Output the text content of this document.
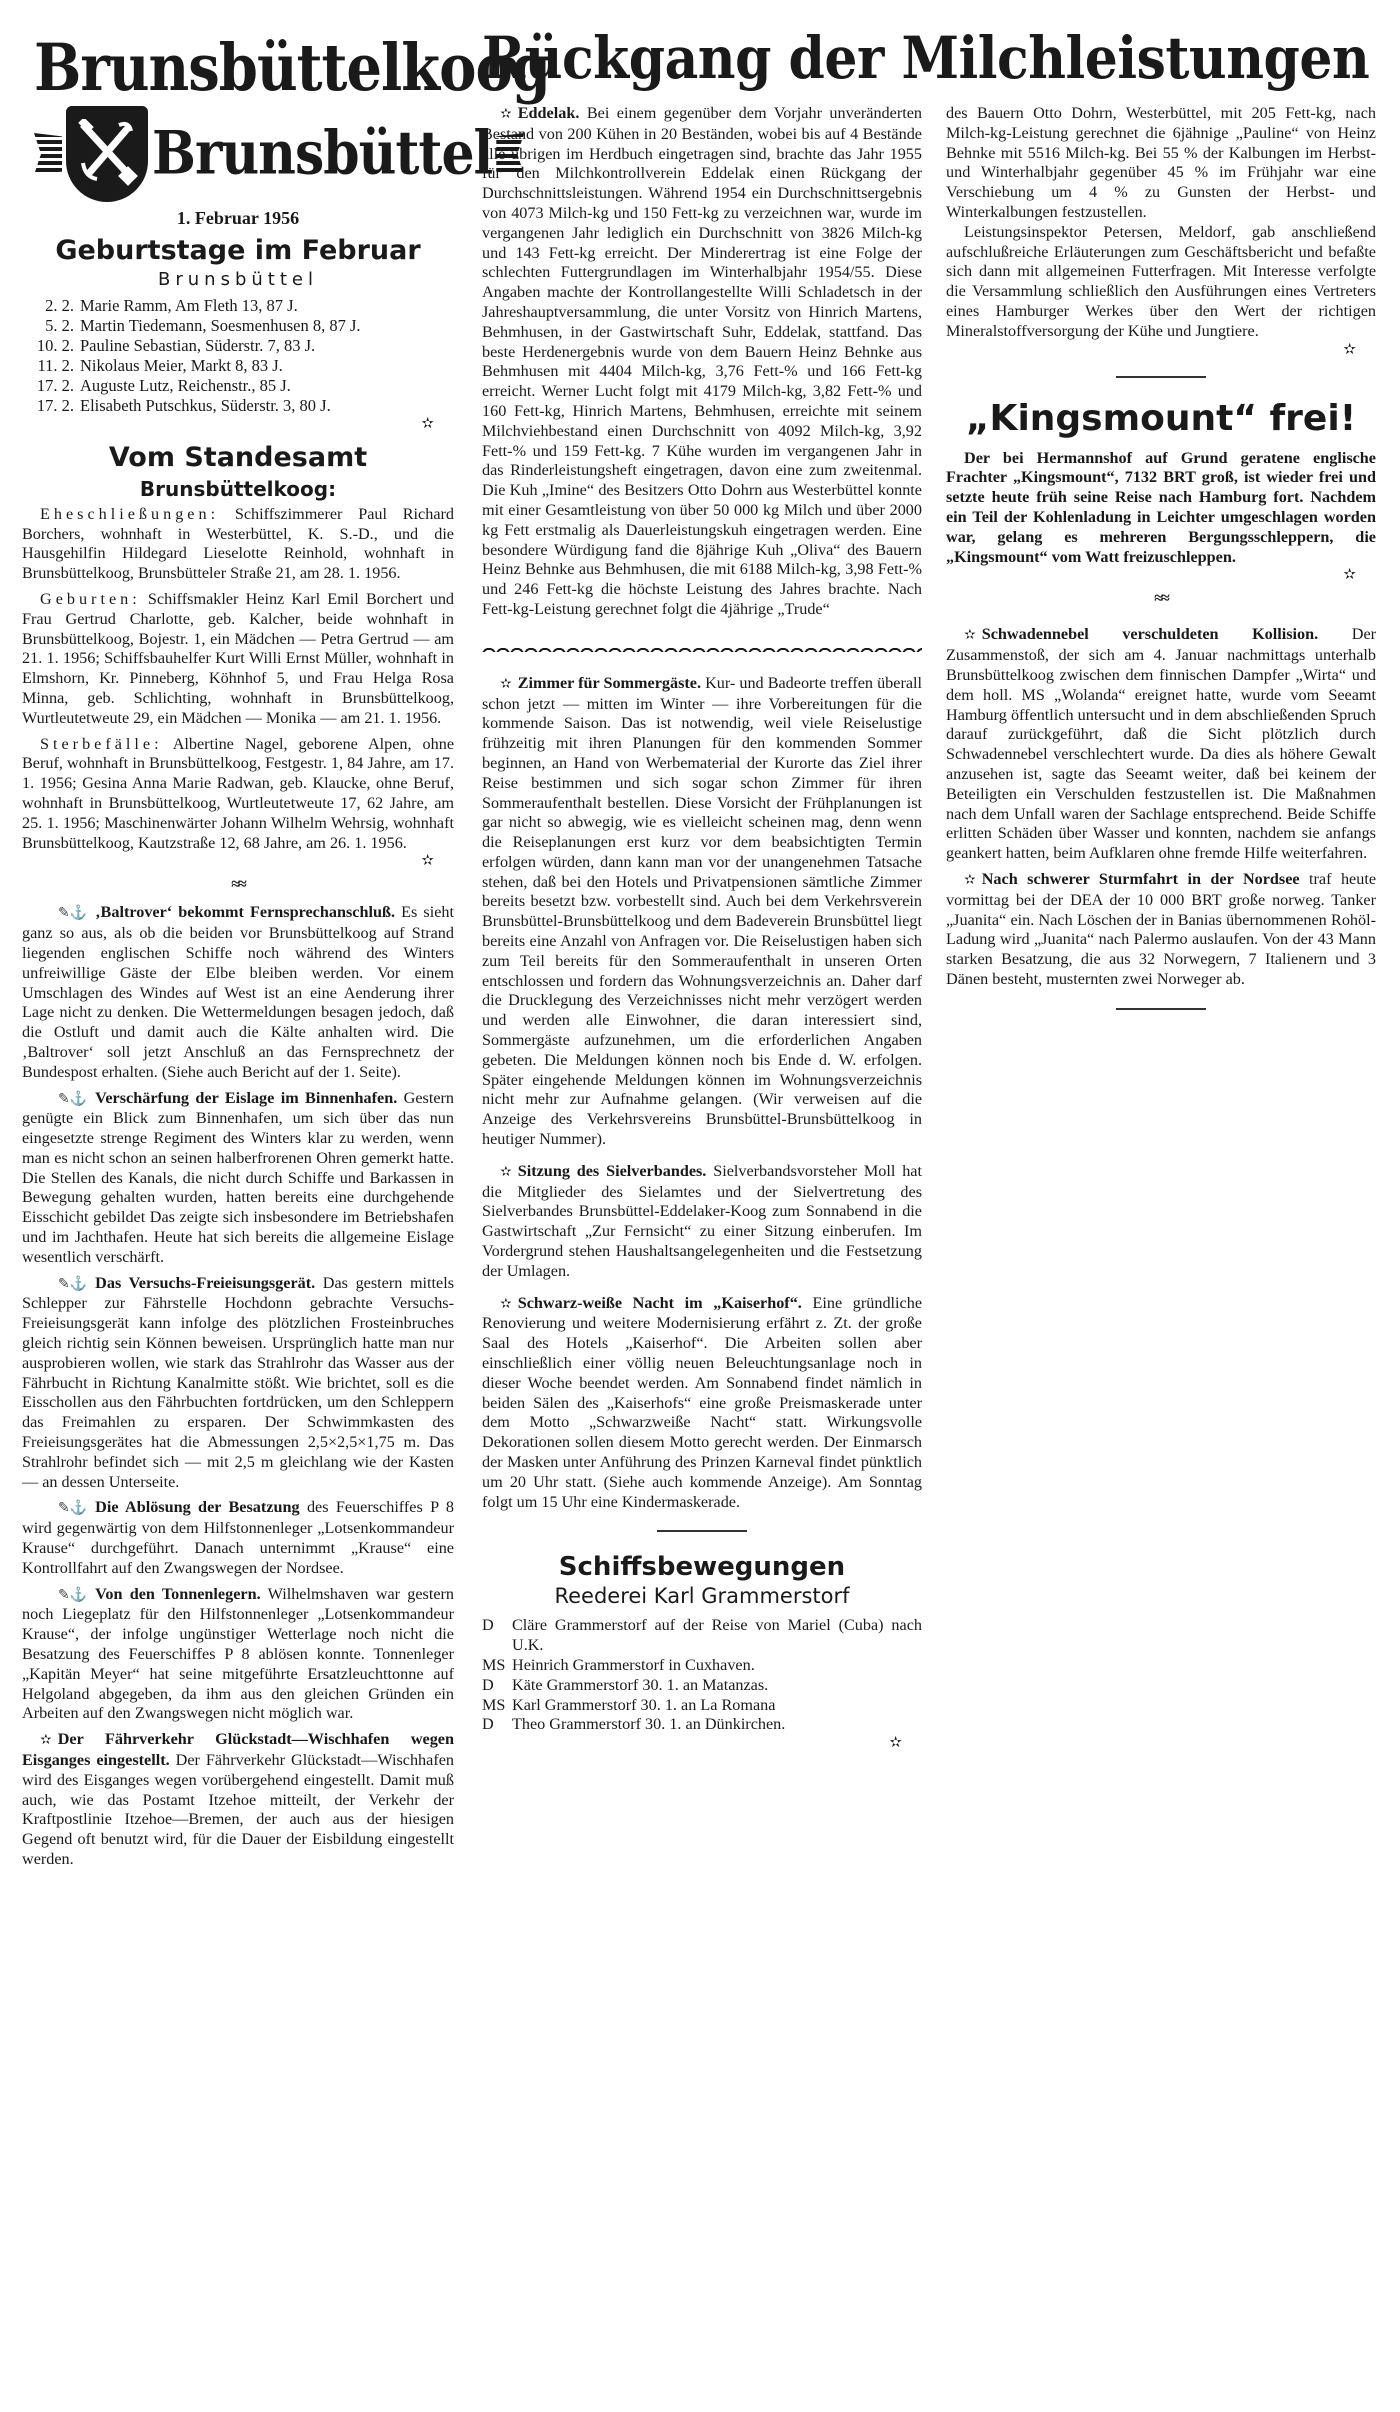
Rückgang der Milchleistungen
Brunsbüttelkoog
Brunsbüttel
1. Februar 1956
Geburtstage im Februar
Brunsbüttel
2. 2. Marie Ramm, Am Fleth 13, 87 J.
5. 2. Martin Tiedemann, Soesmenhusen 8, 87 J.
10. 2. Pauline Sebastian, Süderstr. 7, 83 J.
11. 2. Nikolaus Meier, Markt 8, 83 J.
17. 2. Auguste Lutz, Reichenstr., 85 J.
17. 2. Elisabeth Putschkus, Süderstr. 3, 80 J.
✫
Vom Standesamt
Brunsbüttelkoog:

Eheschließungen: Schiffszimmerer Paul Richard Borchers, wohnhaft in Westerbüttel, K. S.-D., und die Hausgehilfin Hildegard Lieselotte Reinhold, wohnhaft in Brunsbüttelkoog, Brunsbütteler Straße 21, am 28. 1. 1956.

Geburten: Schiffsmakler Heinz Karl Emil Borchert und Frau Gertrud Charlotte, geb. Kalcher, beide wohnhaft in Brunsbüttelkoog, Bojestr. 1, ein Mädchen — Petra Gertrud — am 21. 1. 1956; Schiffsbauhelfer Kurt Willi Ernst Müller, wohnhaft in Elmshorn, Kr. Pinneberg, Köhnhof 5, und Frau Helga Rosa Minna, geb. Schlichting, wohnhaft in Brunsbüttelkoog, Wurtleutetweute 29, ein Mädchen — Monika — am 21. 1. 1956.

Sterbefälle: Albertine Nagel, geborene Alpen, ohne Beruf, wohnhaft in Brunsbüttelkoog, Festgestr. 1, 84 Jahre, am 17. 1. 1956; Gesina Anna Marie Radwan, geb. Klaucke, ohne Beruf, wohnhaft in Brunsbüttelkoog, Wurtleutetweute 17, 62 Jahre, am 25. 1. 1956; Maschinenwärter Johann Wilhelm Wehrsig, wohnhaft Brunsbüttelkoog, Kautzstraße 12, 68 Jahre, am 26. 1. 1956.

✫
≈≈

✎⚓ ‚Baltrover‘ bekommt Fernsprechanschluß. Es sieht ganz so aus, als ob die beiden vor Brunsbüttelkoog auf Strand liegenden englischen Schiffe noch während des Winters unfreiwillige Gäste der Elbe bleiben werden. Vor einem Umschlagen des Windes auf West ist an eine Aenderung ihrer Lage nicht zu denken. Die Wettermeldungen besagen jedoch, daß die Ostluft und damit auch die Kälte anhalten wird. Die ‚Baltrover‘ soll jetzt Anschluß an das Fernsprechnetz der Bundespost erhalten. (Siehe auch Bericht auf der 1. Seite).

✎⚓ Verschärfung der Eislage im Binnenhafen. Gestern genügte ein Blick zum Binnenhafen, um sich über das nun eingesetzte strenge Regiment des Winters klar zu werden, wenn man es nicht schon an seinen halberfrorenen Ohren gemerkt hatte. Die Stellen des Kanals, die nicht durch Schiffe und Barkassen in Bewegung gehalten wurden, hatten bereits eine durchgehende Eisschicht gebildet Das zeigte sich insbesondere im Betriebshafen und im Jachthafen. Heute hat sich bereits die allgemeine Eislage wesentlich verschärft.

✎⚓ Das Versuchs-Freieisungsgerät. Das gestern mittels Schlepper zur Fährstelle Hochdonn gebrachte Versuchs-Freieisungsgerät kann infolge des plötzlichen Frosteinbruches gleich richtig sein Können beweisen. Ursprünglich hatte man nur ausprobieren wollen, wie stark das Strahlrohr das Wasser aus der Fährbucht in Richtung Kanalmitte stößt. Wie brichtet, soll es die Eisschollen aus den Fährbuchten fortdrücken, um den Schleppern das Freimahlen zu ersparen. Der Schwimmkasten des Freieisungsgerätes hat die Abmessungen 2,5×2,5×1,75 m. Das Strahlrohr befindet sich — mit 2,5 m gleichlang wie der Kasten — an dessen Unterseite.

✎⚓ Die Ablösung der Besatzung des Feuerschiffes P 8 wird gegenwärtig von dem Hilfstonnenleger „Lotsenkommandeur Krause“ durchgeführt. Danach unternimmt „Krause“ eine Kontrollfahrt auf den Zwangswegen der Nordsee.

✎⚓ Von den Tonnenlegern. Wilhelmshaven war gestern noch Liegeplatz für den Hilfstonnenleger „Lotsenkommandeur Krause“, der infolge ungünstiger Wetterlage noch nicht die Besatzung des Feuerschiffes P 8 ablösen konnte. Tonnenleger „Kapitän Meyer“ hat seine mitgeführte Ersatzleuchttonne auf Helgoland abgegeben, da ihm aus den gleichen Gründen ein Arbeiten auf den Zwangswegen nicht möglich war.

✫ Der Fährverkehr Glückstadt—Wischhafen wegen Eisganges eingestellt. Der Fährverkehr Glückstadt—Wischhafen wird des Eisganges wegen vorübergehend eingestellt. Damit muß auch, wie das Postamt Itzehoe mitteilt, der Verkehr der Kraftpostlinie Itzehoe—Bremen, der auch aus der hiesigen Gegend oft benutzt wird, für die Dauer der Eisbildung eingestellt werden.

✫ Eddelak. Bei einem gegenüber dem Vorjahr unveränderten Bestand von 200 Kühen in 20 Beständen, wobei bis auf 4 Bestände alle übrigen im Herdbuch eingetragen sind, brachte das Jahr 1955 für den Milchkontrollverein Eddelak einen Rückgang der Durchschnittsleistungen. Während 1954 ein Durchschnittsergebnis von 4073 Milch-kg und 150 Fett-kg zu verzeichnen war, wurde im vergangenen Jahr lediglich ein Durchschnitt von 3826 Milch-kg und 143 Fett-kg erreicht. Der Minderertrag ist eine Folge der schlechten Futtergrundlagen im Winterhalbjahr 1954/55. Diese Angaben machte der Kontrollangestellte Willi Schladetsch in der Jahreshauptversammlung, die unter Vorsitz von Hinrich Martens, Behmhusen, in der Gastwirtschaft Suhr, Eddelak, stattfand. Das beste Herdenergebnis wurde von dem Bauern Heinz Behnke aus Behmhusen mit 4404 Milch-kg, 3,76 Fett-% und 166 Fett-kg erreicht. Werner Lucht folgt mit 4179 Milch-kg, 3,82 Fett-% und 160 Fett-kg, Hinrich Martens, Behmhusen, erreichte mit seinem Milchviehbestand einen Durchschnitt von 4092 Milch-kg, 3,92 Fett-% und 159 Fett-kg. 7 Kühe wurden im vergangenen Jahr in das Rinderleistungsheft eingetragen, davon eine zum zweitenmal. Die Kuh „Imine“ des Besitzers Otto Dohrn aus Westerbüttel konnte mit einer Gesamtleistung von über 50 000 kg Milch und über 2000 kg Fett erstmalig als Dauerleistungskuh eingetragen werden. Eine besondere Würdigung fand die 8jährige Kuh „Oliva“ des Bauern Heinz Behnke aus Behmhusen, die mit 6188 Milch-kg, 3,98 Fett-% und 246 Fett-kg die höchste Leistung des Jahres brachte. Nach Fett-kg-Leistung gerechnet folgt die 4jährige „Trude“

✫ Zimmer für Sommergäste. Kur- und Badeorte treffen überall schon jetzt — mitten im Winter — ihre Vorbereitungen für die kommende Saison. Das ist notwendig, weil viele Reiselustige frühzeitig mit ihren Planungen für den kommenden Sommer beginnen, an Hand von Werbematerial der Kurorte das Ziel ihrer Reise bestimmen und sich sogar schon Zimmer für ihren Sommeraufenthalt bestellen. Diese Vorsicht der Frühplanungen ist gar nicht so abwegig, wie es vielleicht scheinen mag, denn wenn die Reiseplanungen erst kurz vor dem beabsichtigten Termin erfolgen würden, dann kann man vor der unangenehmen Tatsache stehen, daß bei den Hotels und Privatpensionen sämtliche Zimmer bereits besetzt bzw. vorbestellt sind. Auch bei dem Verkehrsverein Brunsbüttel-Brunsbüttelkoog und dem Badeverein Brunsbüttel liegt bereits eine Anzahl von Anfragen vor. Die Reiselustigen haben sich zum Teil bereits für den Sommeraufenthalt in unseren Orten entschlossen und fordern das Wohnungsverzeichnis an. Daher darf die Drucklegung des Verzeichnisses nicht mehr verzögert werden und werden alle Einwohner, die daran interessiert sind, Sommergäste aufzunehmen, um die erforderlichen Angaben gebeten. Die Meldungen können noch bis Ende d. W. erfolgen. Später eingehende Meldungen können im Wohnungsverzeichnis nicht mehr zur Aufnahme gelangen. (Wir verweisen auf die Anzeige des Verkehrsvereins Brunsbüttel-Brunsbüttelkoog in heutiger Nummer).

✫ Sitzung des Sielverbandes. Sielverbandsvorsteher Moll hat die Mitglieder des Sielamtes und der Sielvertretung des Sielverbandes Brunsbüttel-Eddelaker-Koog zum Sonnabend in die Gastwirtschaft „Zur Fernsicht“ zu einer Sitzung einberufen. Im Vordergrund stehen Haushaltsangelegenheiten und die Festsetzung der Umlagen.

✫ Schwarz-weiße Nacht im „Kaiserhof“. Eine gründliche Renovierung und weitere Modernisierung erfährt z. Zt. der große Saal des Hotels „Kaiserhof“. Die Arbeiten sollen aber einschließlich einer völlig neuen Beleuchtungsanlage noch in dieser Woche beendet werden. Am Sonnabend findet nämlich in beiden Sälen des „Kaiserhofs“ eine große Preismaskerade unter dem Motto „Schwarzweiße Nacht“ statt. Wirkungsvolle Dekorationen sollen diesem Motto gerecht werden. Der Einmarsch der Masken unter Anführung des Prinzen Karneval findet pünktlich um 20 Uhr statt. (Siehe auch kommende Anzeige). Am Sonntag folgt um 15 Uhr eine Kindermaskerade.

Schiffsbewegungen
Reederei Karl Grammerstorf
D	Cläre Grammerstorf auf der Reise von Mariel (Cuba) nach U.K.
MS Heinrich Grammerstorf in Cuxhaven.
D	Käte Grammerstorf 30. 1. an Matanzas.
MS Karl Grammerstorf 30. 1. an La Romana
D	Theo Grammerstorf 30. 1. an Dünkirchen.
✫

des Bauern Otto Dohrn, Westerbüttel, mit 205 Fett-kg, nach Milch-kg-Leistung gerechnet die 6jähnige „Pauline“ von Heinz Behnke mit 5516 Milch-kg. Bei 55 % der Kalbungen im Herbst- und Winterhalbjahr gegenüber 45 % im Frühjahr war eine Verschiebung um 4 % zu Gunsten der Herbst- und Winterkalbungen festzustellen.

Leistungsinspektor Petersen, Meldorf, gab anschließend aufschlußreiche Erläuterungen zum Geschäftsbericht und befaßte sich dann mit allgemeinen Futterfragen. Mit Interesse verfolgte die Versammlung schließlich den Ausführungen eines Vertreters eines Hamburger Werkes über den Wert der richtigen Mineralstoffversorgung der Kühe und Jungtiere.

✫
„Kingsmount“ frei!

Der bei Hermannshof auf Grund geratene englische Frachter „Kingsmount“, 7132 BRT groß, ist wieder frei und setzte heute früh seine Reise nach Hamburg fort. Nachdem ein Teil der Kohlenladung in Leichter umgeschlagen worden war, gelang es mehreren Bergungsschleppern, die „Kingsmount“ vom Watt freizuschleppen.

✫
≈≈

✫ Schwadennebel verschuldeten Kollision. Der Zusammenstoß, der sich am 4. Januar nachmittags unterhalb Brunsbüttelkoog zwischen dem finnischen Dampfer „Wirta“ und dem holl. MS „Wolanda“ ereignet hatte, wurde vom Seeamt Hamburg öffentlich untersucht und in dem abschließenden Spruch darauf zurückgeführt, daß die Sicht plötzlich durch Schwadennebel verschlechtert wurde. Da dies als höhere Gewalt anzusehen ist, sagte das Seeamt weiter, daß bei keinem der Beteiligten ein Verschulden festzustellen ist. Die Maßnahmen nach dem Unfall waren der Sachlage entsprechend. Beide Schiffe erlitten Schäden über Wasser und konnten, nachdem sie anfangs geankert hatten, beim Aufklaren ohne fremde Hilfe weiterfahren.

✫ Nach schwerer Sturmfahrt in der Nordsee traf heute vormittag bei der DEA der 10 000 BRT große norweg. Tanker „Juanita“ ein. Nach Löschen der in Banias übernommenen Rohöl-Ladung wird „Juanita“ nach Palermo auslaufen. Von der 43 Mann starken Besatzung, die aus 32 Norwegern, 7 Italienern und 3 Dänen besteht, musternten zwei Norweger ab.
